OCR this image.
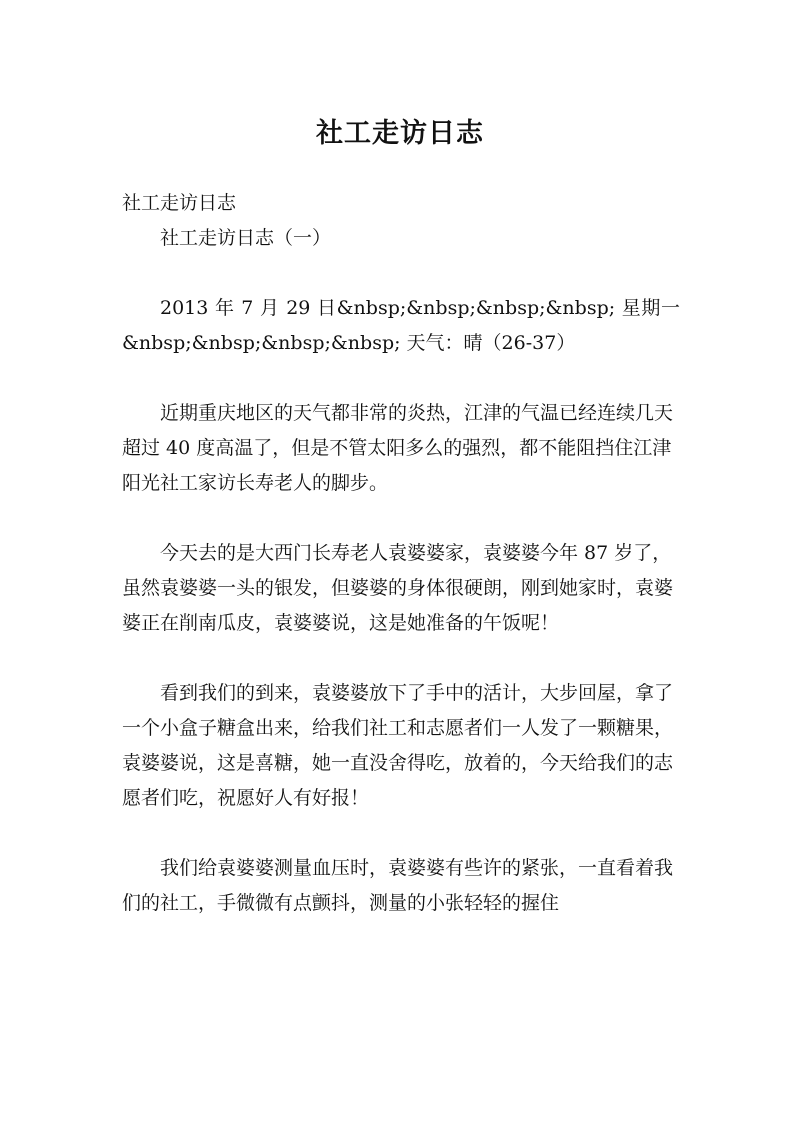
社工走访日志

社工走访日志

社工走访日志（一）

2013 年 7 月 29 日&nbsp;&nbsp;&nbsp;&nbsp; 星期一&nbsp;&nbsp;&nbsp;&nbsp; 天气：晴（26-37）

近期重庆地区的天气都非常的炎热，江津的气温已经连续几天超过 40 度高温了，但是不管太阳多么的强烈，都不能阻挡住江津阳光社工家访长寿老人的脚步。

今天去的是大西门长寿老人袁婆婆家，袁婆婆今年 87 岁了，虽然袁婆婆一头的银发，但婆婆的身体很硬朗，刚到她家时，袁婆婆正在削南瓜皮，袁婆婆说，这是她准备的午饭呢！

看到我们的到来，袁婆婆放下了手中的活计，大步回屋，拿了一个小盒子糖盒出来，给我们社工和志愿者们一人发了一颗糖果，袁婆婆说，这是喜糖，她一直没舍得吃，放着的，今天给我们的志愿者们吃，祝愿好人有好报！

我们给袁婆婆测量血压时，袁婆婆有些许的紧张，一直看着我们的社工，手微微有点颤抖，测量的小张轻轻的握住
